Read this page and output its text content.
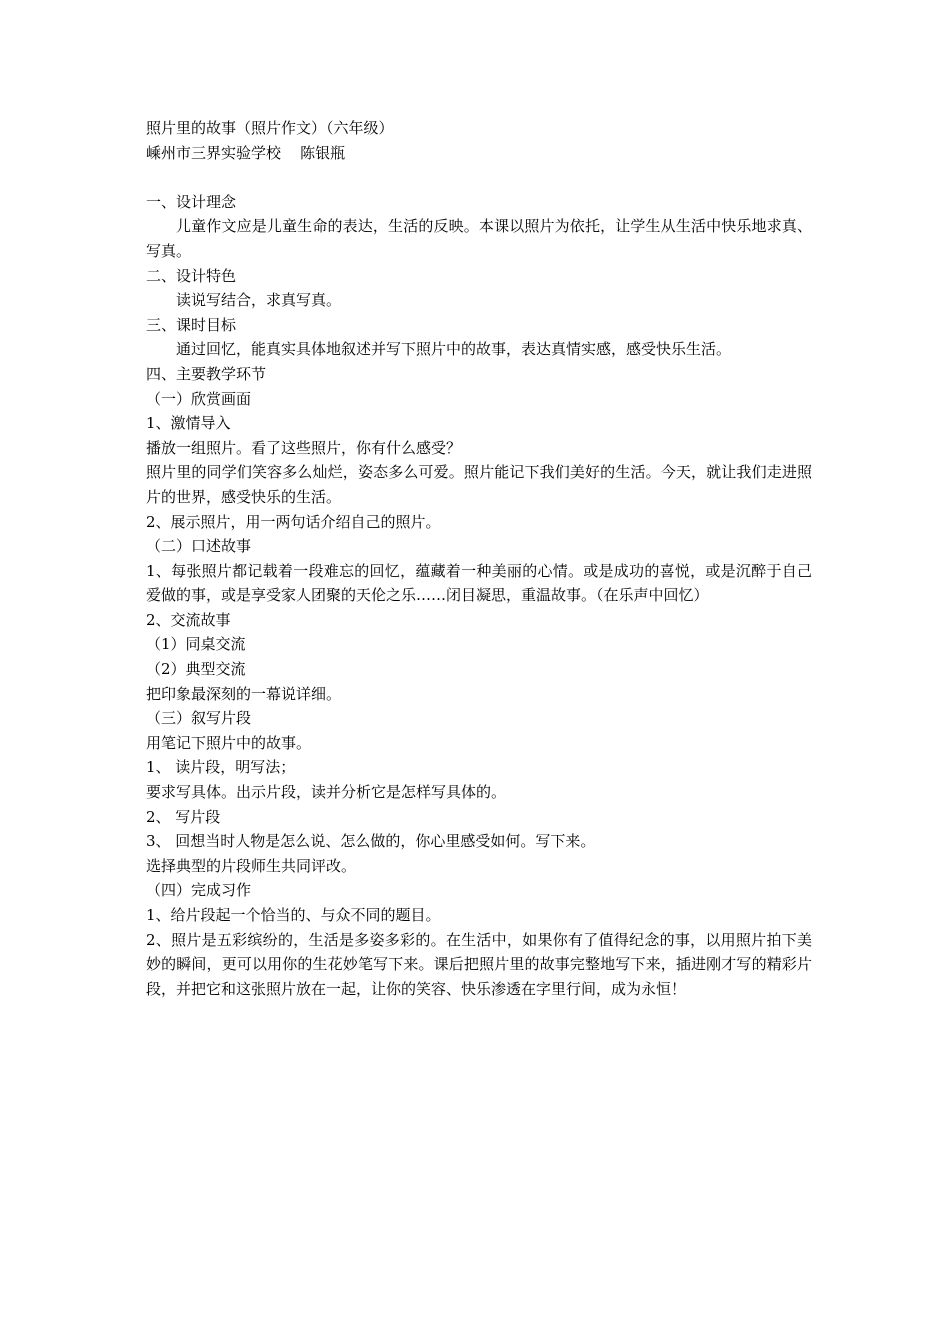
照片里的故事（照片作文）（六年级）

嵊州市三界实验学校    陈银瓶

一、设计理念

儿童作文应是儿童生命的表达，生活的反映。本课以照片为依托，让学生从生活中快乐地求真、写真。

二、设计特色

读说写结合，求真写真。

三、课时目标

通过回忆，能真实具体地叙述并写下照片中的故事，表达真情实感，感受快乐生活。

四、主要教学环节

（一）欣赏画面

1、激情导入

播放一组照片。看了这些照片，你有什么感受？

照片里的同学们笑容多么灿烂，姿态多么可爱。照片能记下我们美好的生活。今天，就让我们走进照片的世界，感受快乐的生活。

2、展示照片，用一两句话介绍自己的照片。

（二）口述故事

1、每张照片都记载着一段难忘的回忆，蕴藏着一种美丽的心情。或是成功的喜悦，或是沉醉于自己爱做的事，或是享受家人团聚的天伦之乐……闭目凝思，重温故事。（在乐声中回忆）

2、交流故事

（1）同桌交流

（2）典型交流

把印象最深刻的一幕说详细。

（三）叙写片段

用笔记下照片中的故事。

1、 读片段，明写法；

要求写具体。出示片段，读并分析它是怎样写具体的。

2、 写片段

3、 回想当时人物是怎么说、怎么做的，你心里感受如何。写下来。

选择典型的片段师生共同评改。

（四）完成习作

1、给片段起一个恰当的、与众不同的题目。

2、照片是五彩缤纷的，生活是多姿多彩的。在生活中，如果你有了值得纪念的事，以用照片拍下美妙的瞬间，更可以用你的生花妙笔写下来。课后把照片里的故事完整地写下来，插进刚才写的精彩片段，并把它和这张照片放在一起，让你的笑容、快乐渗透在字里行间，成为永恒！
